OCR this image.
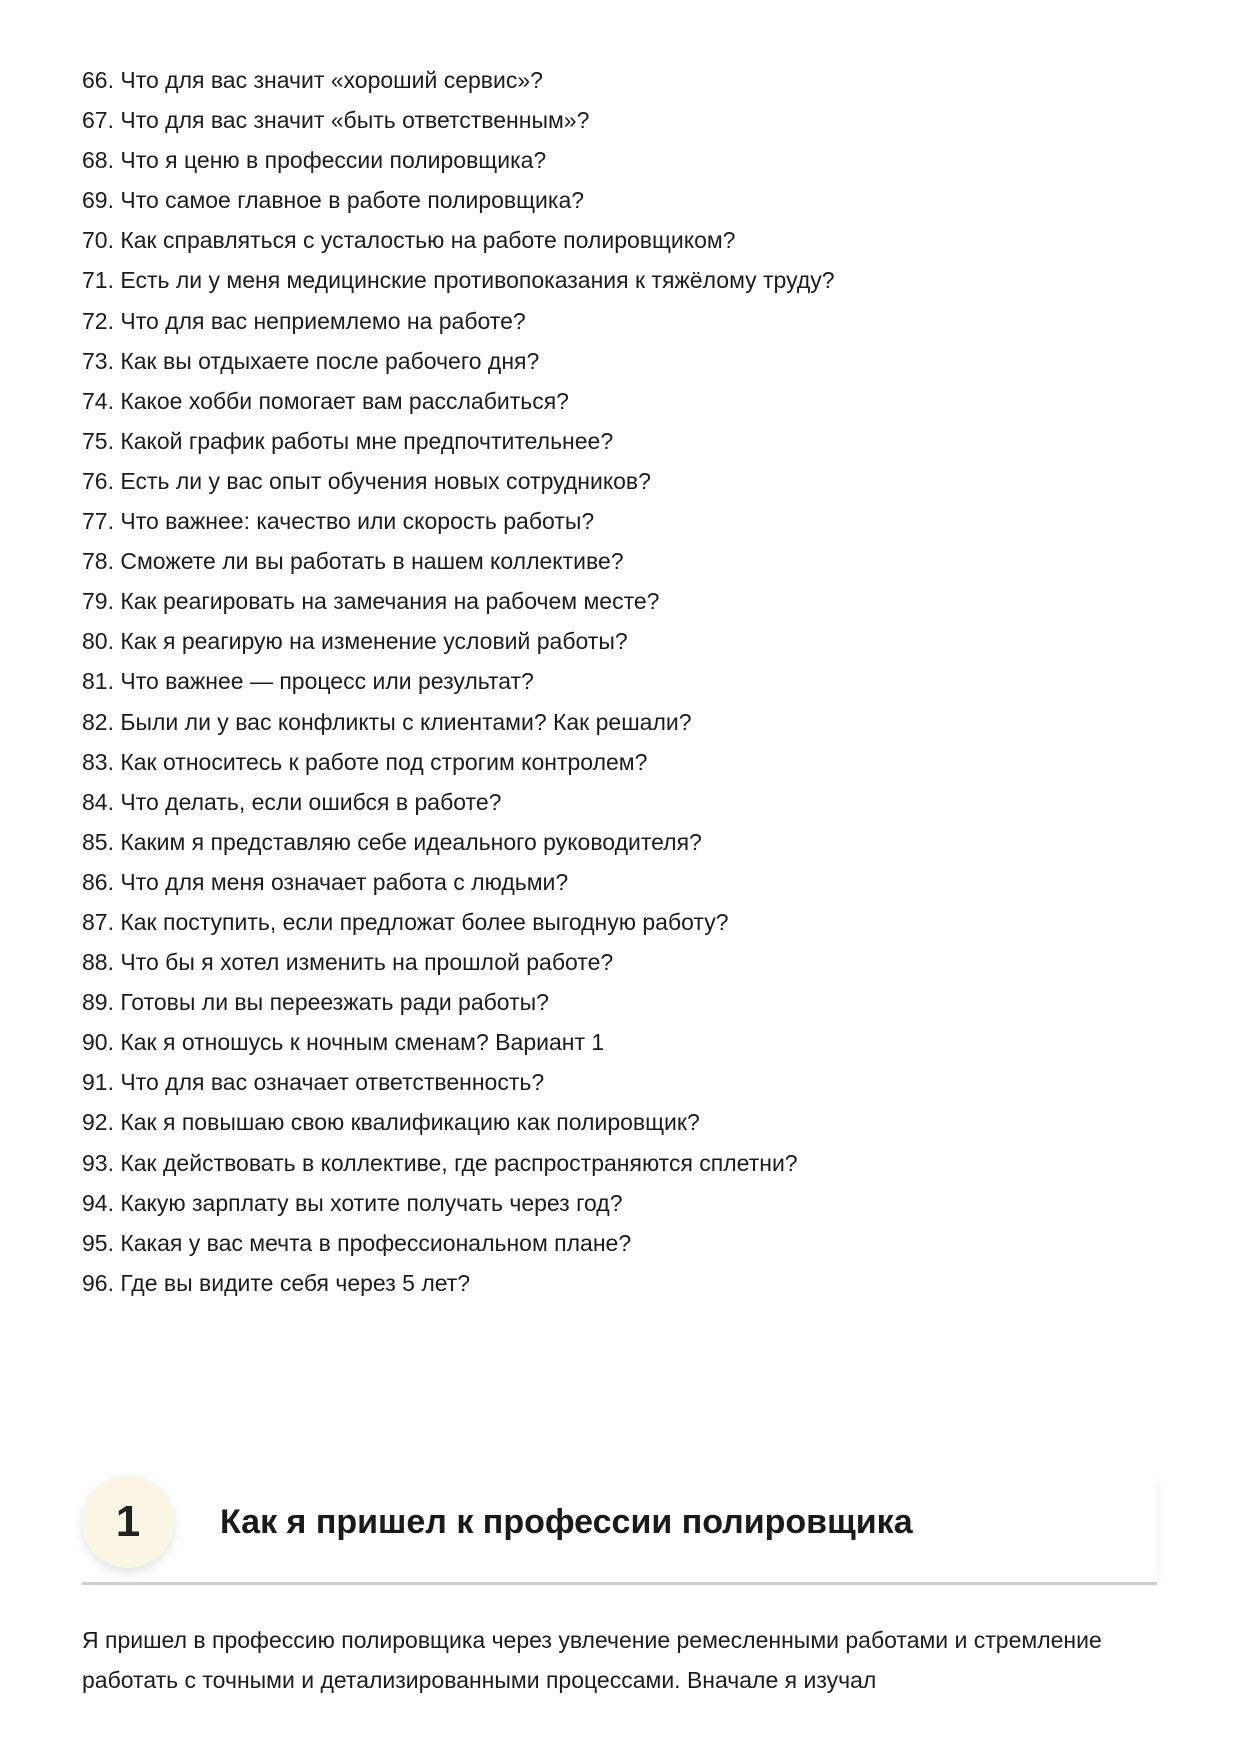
66. Что для вас значит «хороший сервис»?
67. Что для вас значит «быть ответственным»?
68. Что я ценю в профессии полировщика?
69. Что самое главное в работе полировщика?
70. Как справляться с усталостью на работе полировщиком?
71. Есть ли у меня медицинские противопоказания к тяжёлому труду?
72. Что для вас неприемлемо на работе?
73. Как вы отдыхаете после рабочего дня?
74. Какое хобби помогает вам расслабиться?
75. Какой график работы мне предпочтительнее?
76. Есть ли у вас опыт обучения новых сотрудников?
77. Что важнее: качество или скорость работы?
78. Сможете ли вы работать в нашем коллективе?
79. Как реагировать на замечания на рабочем месте?
80. Как я реагирую на изменение условий работы?
81. Что важнее — процесс или результат?
82. Были ли у вас конфликты с клиентами? Как решали?
83. Как относитесь к работе под строгим контролем?
84. Что делать, если ошибся в работе?
85. Каким я представляю себе идеального руководителя?
86. Что для меня означает работа с людьми?
87. Как поступить, если предложат более выгодную работу?
88. Что бы я хотел изменить на прошлой работе?
89. Готовы ли вы переезжать ради работы?
90. Как я отношусь к ночным сменам? Вариант 1
91. Что для вас означает ответственность?
92. Как я повышаю свою квалификацию как полировщик?
93. Как действовать в коллективе, где распространяются сплетни?
94. Какую зарплату вы хотите получать через год?
95. Какая у вас мечта в профессиональном плане?
96. Где вы видите себя через 5 лет?
1	Как я пришел к профессии полировщика

Я пришел в профессию полировщика через увлечение ремесленными работами и стремление работать с точными и детализированными процессами. Вначале я изучал
